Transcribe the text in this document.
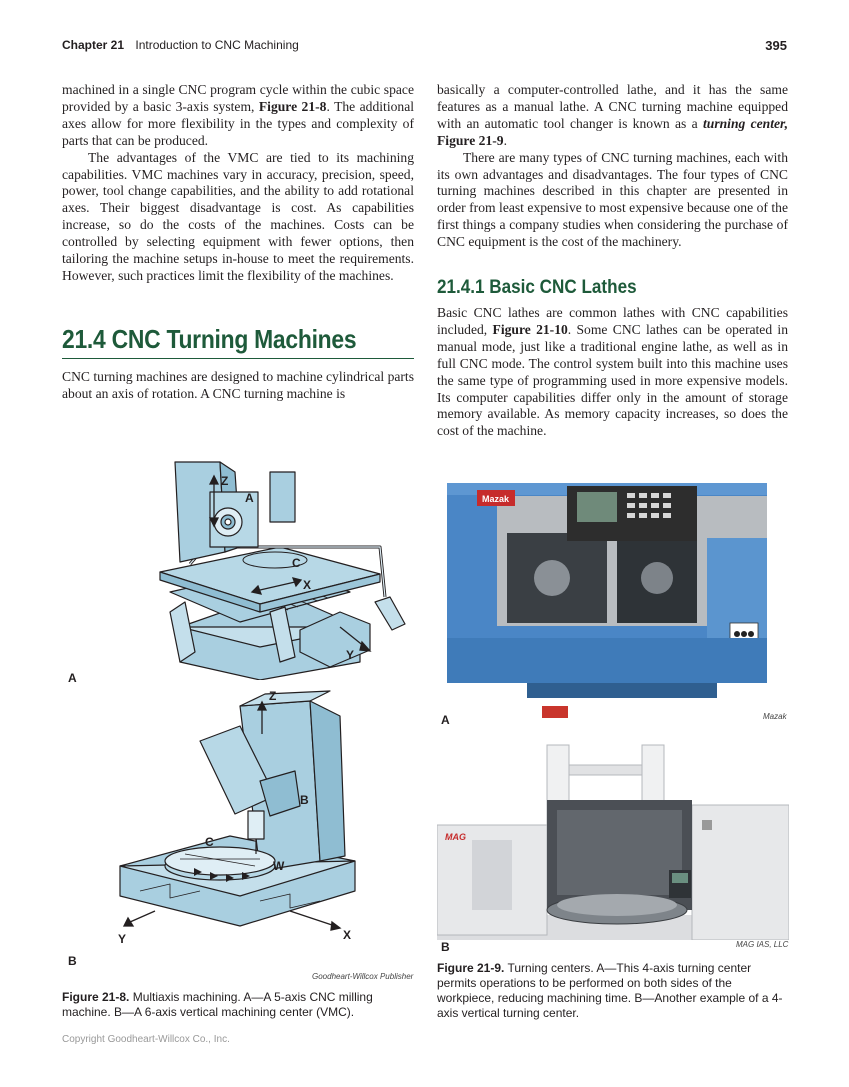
Chapter 21 Introduction to CNC Machining	395

machined in a single CNC program cycle within the cubic space provided by a basic 3-axis system, Figure 21-8. The additional axes allow for more flexibility in the types and complexity of parts that can be produced.

The advantages of the VMC are tied to its machining capabilities. VMC machines vary in accuracy, precision, speed, power, tool change capabilities, and the ability to add rotational axes. Their biggest disadvantage is cost. As capabilities increase, so do the costs of the machines. Costs can be controlled by selecting equipment with fewer options, then tailoring the machine setups in-house to meet the requirements. However, such practices limit the flexibility of the machines.

21.4 CNC Turning Machines

CNC turning machines are designed to machine cylindrical parts about an axis of rotation. A CNC turning machine is

basically a computer-controlled lathe, and it has the same features as a manual lathe. A CNC turning machine equipped with an automatic tool changer is known as a turning center, Figure 21-9.

There are many types of CNC turning machines, each with its own advantages and disadvantages. The four types of CNC turning machines described in this chapter are presented in order from least expensive to most expensive because one of the first things a company studies when considering the purchase of CNC equipment is the cost of the machinery.

21.4.1 Basic CNC Lathes

Basic CNC lathes are common lathes with CNC capabilities included, Figure 21-10. Some CNC lathes can be operated in manual mode, just like a traditional engine lathe, as well as in full CNC mode. The control system built into this machine uses the same type of programming used in more expensive models. Its computer capabilities differ only in the amount of storage memory available. As memory capacity increases, so does the cost of the machine.

Z
A
C
X
Y
A
Z
B
C
W
Y	X
B
Goodheart-Willcox Publisher
Figure 21-8. Multiaxis machining. A—A 5-axis CNC milling machine. B—A 6-axis vertical machining center (VMC).
Mazak
A	Mazak
MAG
B	MAG IAS, LLC
Figure 21-9. Turning centers. A—This 4-axis turning center permits operations to be performed on both sides of the workpiece, reducing machining time. B—Another example of a 4-axis vertical turning center.
Copyright Goodheart-Willcox Co., Inc.
